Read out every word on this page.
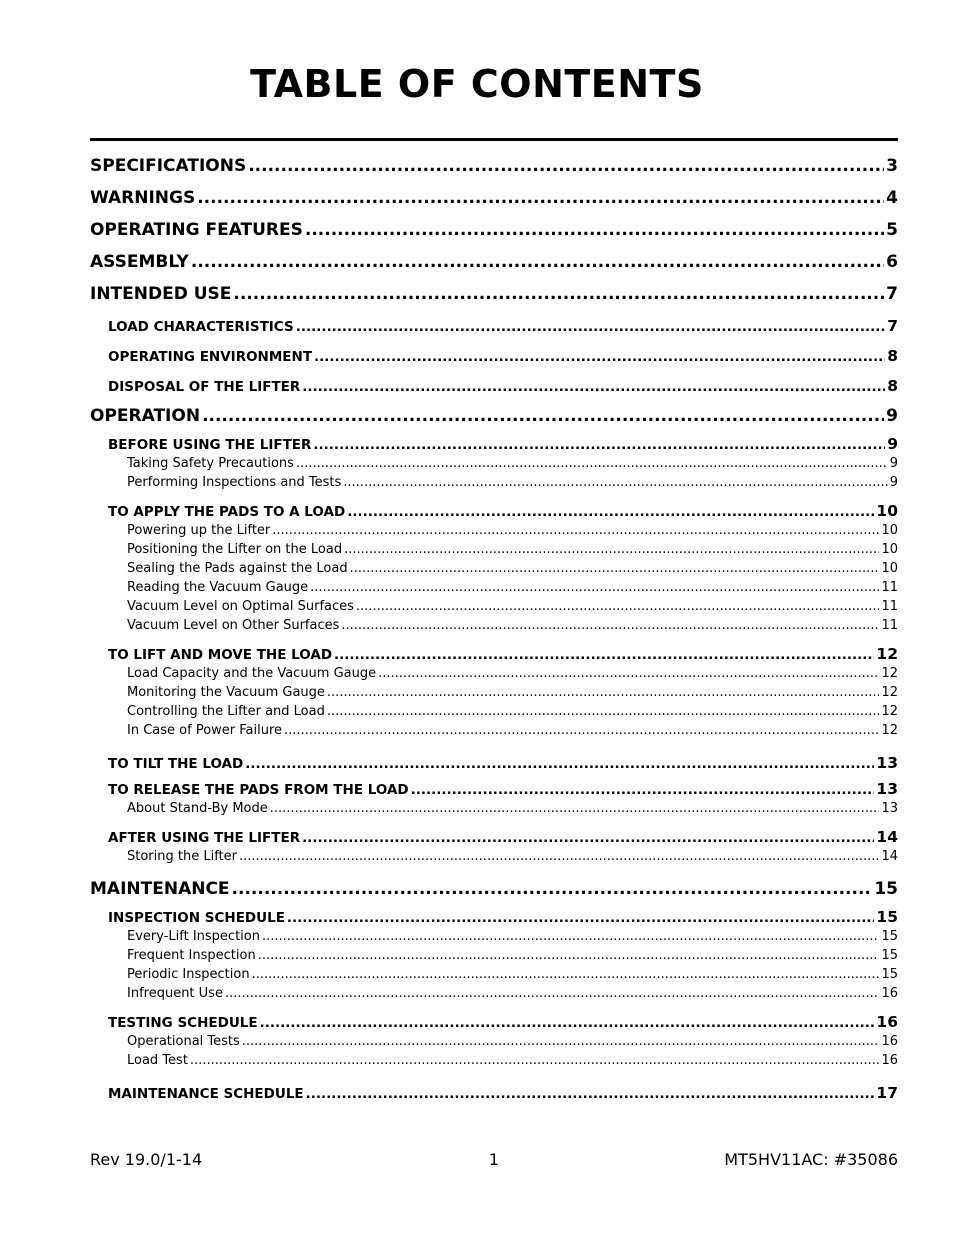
TABLE OF CONTENTS
SPECIFICATIONS .....	3
WARNINGS .....	4
OPERATING FEATURES .....	5
ASSEMBLY .....	6
INTENDED USE .....	7
LOAD CHARACTERISTICS .....	7
OPERATING ENVIRONMENT .....	8
DISPOSAL OF THE LIFTER .....	8
OPERATION .....	9
BEFORE USING THE LIFTER .....	9
Taking Safety Precautions .....	9
Performing Inspections and Tests .....	9
TO APPLY THE PADS TO A LOAD .....	10
Powering up the Lifter .....	10
Positioning the Lifter on the Load .....	10
Sealing the Pads against the Load .....	10
Reading the Vacuum Gauge .....	11
Vacuum Level on Optimal Surfaces .....	11
Vacuum Level on Other Surfaces .....	11
TO LIFT AND MOVE THE LOAD .....	12
Load Capacity and the Vacuum Gauge .....	12
Monitoring the Vacuum Gauge .....	12
Controlling the Lifter and Load .....	12
In Case of Power Failure .....	12
TO TILT THE LOAD .....	13
TO RELEASE THE PADS FROM THE LOAD .....	13
About Stand-By Mode .....	13
AFTER USING THE LIFTER .....	14
Storing the Lifter .....	14
MAINTENANCE .....	15
INSPECTION SCHEDULE .....	15
Every-Lift Inspection .....	15
Frequent Inspection .....	15
Periodic Inspection .....	15
Infrequent Use .....	16
TESTING SCHEDULE .....	16
Operational Tests .....	16
Load Test .....	16
MAINTENANCE SCHEDULE .....	17
Rev 19.0/1-14	1	MT5HV11AC: #35086
